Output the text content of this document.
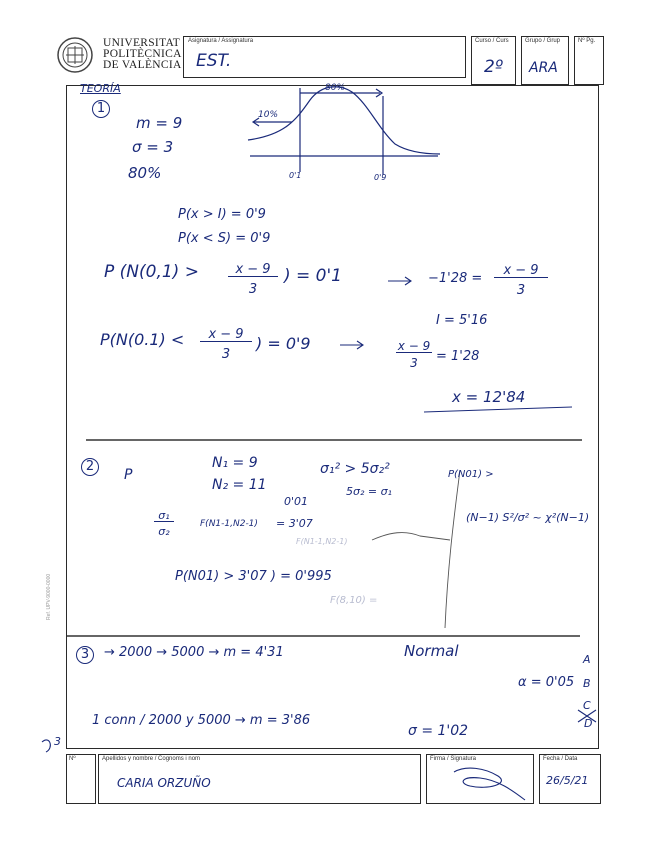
UNIVERSITAT
POLITÈCNICA
DE VALÈNCIA
Asignatura / Assignatura
EST.
Curso / Curs
2º
Grupo / Grup
ARA
Nº Pg.
Ref. UPV-9000-0000
TEORÍA
1
m = 9
σ = 3
80%
10%
80%
0'1	0'9
P(x > I) = 0'9
P(x < S) = 0'9
P (N(0,1) >	x − 9
3
) = 0'1	−1'28 =
x − 9
3
I = 5'16
P(N(0.1) <	x − 9
3
) = 0'9	x − 9
3	= 1'28
x = 12'84
2
P
N₁ = 9
N₂ = 11
σ₁² > 5σ₂²
5σ₂ = σ₁
P(N01) >
0'01
σ₁
σ₂
F(N1-1,N2-1) = 3'07
F(N1-1,N2-1)
(N−1) S²/σ² ~ χ²(N−1)
P(N01) > 3'07 ) = 0'995
F(8,10) =
3	→ 2000 → 5000 → m = 4'31	Normal
α = 0'05
A
B
C
D
1 conn / 2000 y 5000 → m = 3'86
σ = 1'02
3
Nº	Apellidos y nombre / Cognoms i nom
CARIA ORZUÑO
Firma / Signatura	Fecha / Data
26/5/21
